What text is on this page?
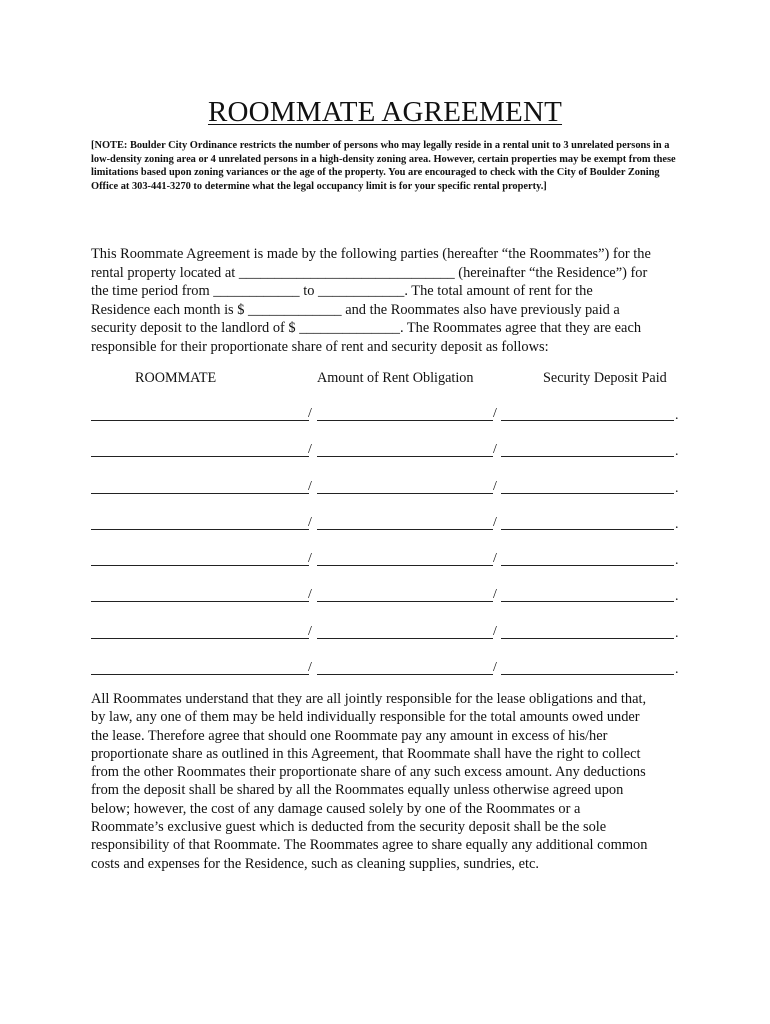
ROOMMATE AGREEMENT
[NOTE: Boulder City Ordinance restricts the number of persons who may legally reside in a rental unit to 3 unrelated persons in a low-density zoning area or 4 unrelated persons in a high-density zoning area. However, certain properties may be exempt from these limitations based upon zoning variances or the age of the property. You are encouraged to check with the City of Boulder Zoning Office at 303-441-3270 to determine what the legal occupancy limit is for your specific rental property.]
This Roommate Agreement is made by the following parties (hereafter “the Roommates”) for the
rental property located at ______________________________ (hereinafter “the Residence”) for
the time period from ____________ to ____________. The total amount of rent for the
Residence each month is $ _____________ and the Roommates also have previously paid a
security deposit to the landlord of $ ______________. The Roommates agree that they are each
responsible for their proportionate share of rent and security deposit as follows:
ROOMMATE	Amount of Rent Obligation	Security Deposit Paid
/	/	.
/	/	.
/	/	.
/	/	.
/	/	.
/	/	.
/	/	.
/	/	.
All Roommates understand that they are all jointly responsible for the lease obligations and that,
by law, any one of them may be held individually responsible for the total amounts owed under
the lease. Therefore agree that should one Roommate pay any amount in excess of his/her
proportionate share as outlined in this Agreement, that Roommate shall have the right to collect
from the other Roommates their proportionate share of any such excess amount. Any deductions
from the deposit shall be shared by all the Roommates equally unless otherwise agreed upon
below; however, the cost of any damage caused solely by one of the Roommates or a
Roommate’s exclusive guest which is deducted from the security deposit shall be the sole
responsibility of that Roommate. The Roommates agree to share equally any additional common
costs and expenses for the Residence, such as cleaning supplies, sundries, etc.
